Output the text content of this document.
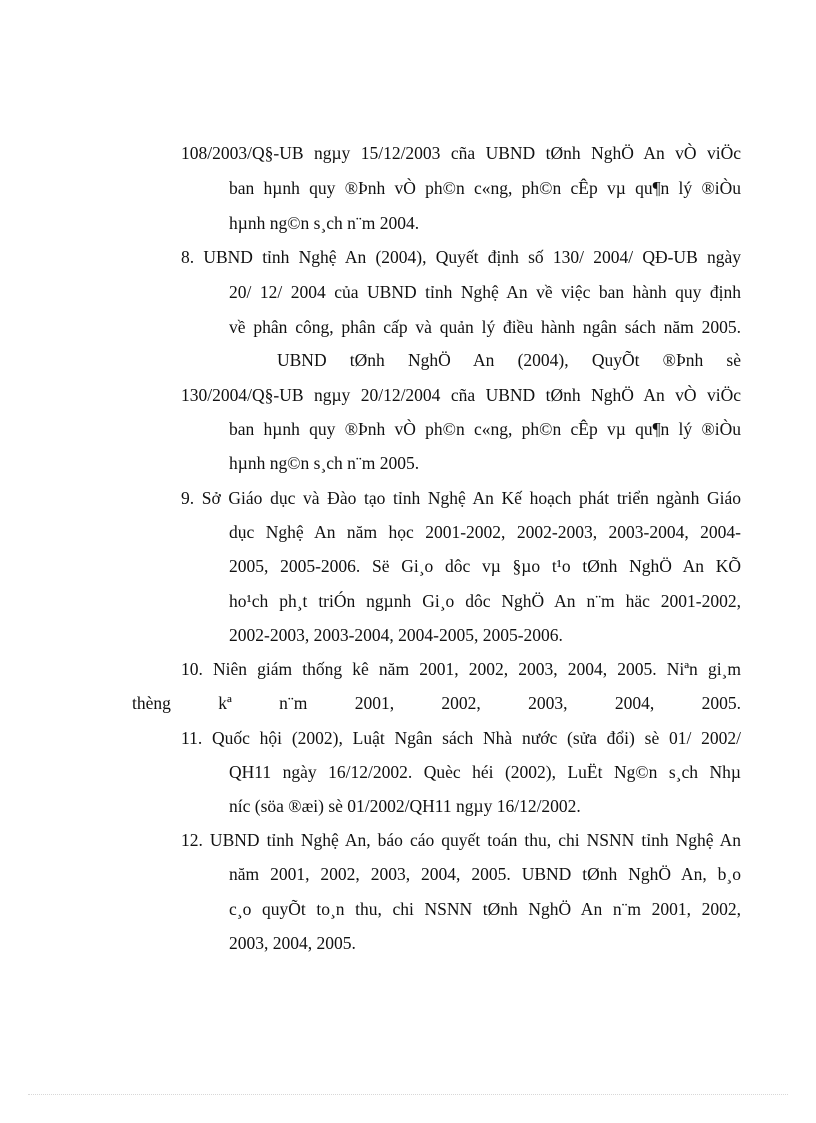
108/2003/Q§-UB ngµy 15/12/2003 cña UBND tØnh NghÖ An vÒ viÖc
ban hµnh quy ®Þnh vÒ ph©n c«ng, ph©n cÊp vµ qu¶n lý ®iÒu
hµnh ng©n s¸ch n¨m 2004.
8. UBND tỉnh Nghệ An (2004), Quyết định số 130/ 2004/ QĐ-UB ngày
20/ 12/ 2004 của UBND tỉnh Nghệ An về việc ban hành quy định
về phân công, phân cấp và quản lý điều hành ngân sách năm 2005.
UBND tØnh NghÖ An (2004), QuyÕt ®Þnh sè
130/2004/Q§-UB ngµy 20/12/2004 cña UBND tØnh NghÖ An vÒ viÖc
ban hµnh quy ®Þnh vÒ ph©n c«ng, ph©n cÊp vµ qu¶n lý ®iÒu
hµnh ng©n s¸ch n¨m 2005.
9. Sở Giáo dục và Đào tạo tỉnh Nghệ An Kế hoạch phát triển ngành Giáo
dục Nghệ An năm học 2001-2002, 2002-2003, 2003-2004, 2004-
2005, 2005-2006. Së Gi¸o dôc vµ §µo t¹o tØnh NghÖ An KÕ
ho¹ch ph¸t triÓn ngµnh Gi¸o dôc NghÖ An n¨m häc 2001-2002,
2002-2003, 2003-2004, 2004-2005, 2005-2006.
10. Niên giám thống kê năm 2001, 2002, 2003, 2004, 2005. Niªn gi¸m
thèng kª n¨m 2001, 2002, 2003, 2004, 2005.
11. Quốc hội (2002), Luật Ngân sách Nhà nước (sửa đổi) sè 01/ 2002/
QH11 ngày 16/12/2002. Quèc héi (2002), LuËt Ng©n s¸ch Nhµ
níc (söa ®æi) sè 01/2002/QH11 ngµy 16/12/2002.
12. UBND tỉnh Nghệ An, báo cáo quyết toán thu, chi NSNN tỉnh Nghệ An
năm 2001, 2002, 2003, 2004, 2005. UBND tØnh NghÖ An, b¸o
c¸o quyÕt to¸n thu, chi NSNN tØnh NghÖ An n¨m 2001, 2002,
2003, 2004, 2005.
